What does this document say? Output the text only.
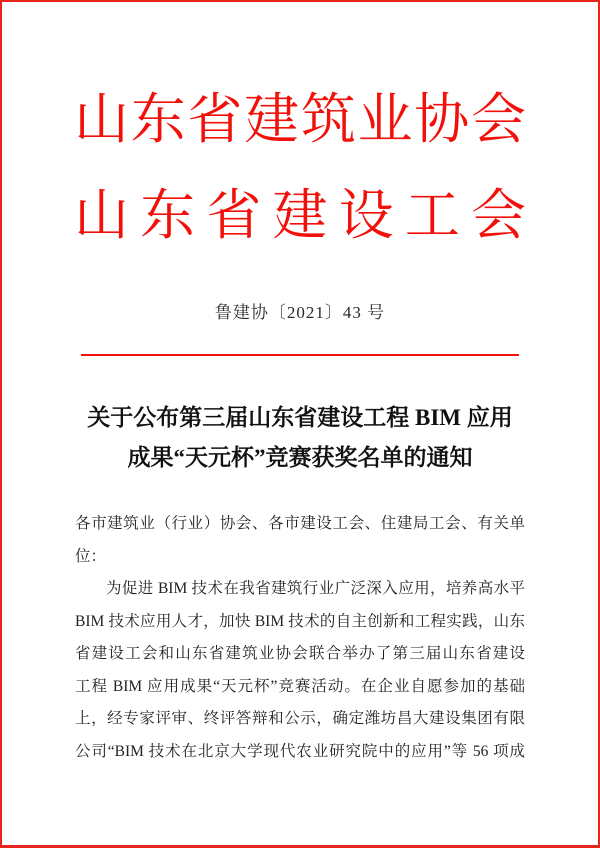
山东省建筑业协会
山东省建设工会
鲁建协〔2021〕43 号
关于公布第三届山东省建设工程 BIM 应用
成果“天元杯”竞赛获奖名单的通知
各市建筑业（行业）协会、各市建设工会、住建局工会、有关单
位：
为促进 BIM 技术在我省建筑行业广泛深入应用，培养高水平
BIM 技术应用人才，加快 BIM 技术的自主创新和工程实践，山东
省建设工会和山东省建筑业协会联合举办了第三届山东省建设
工程 BIM 应用成果“天元杯”竞赛活动。在企业自愿参加的基础
上，经专家评审、终评答辩和公示，确定潍坊昌大建设集团有限
公司“BIM 技术在北京大学现代农业研究院中的应用”等 56 项成
